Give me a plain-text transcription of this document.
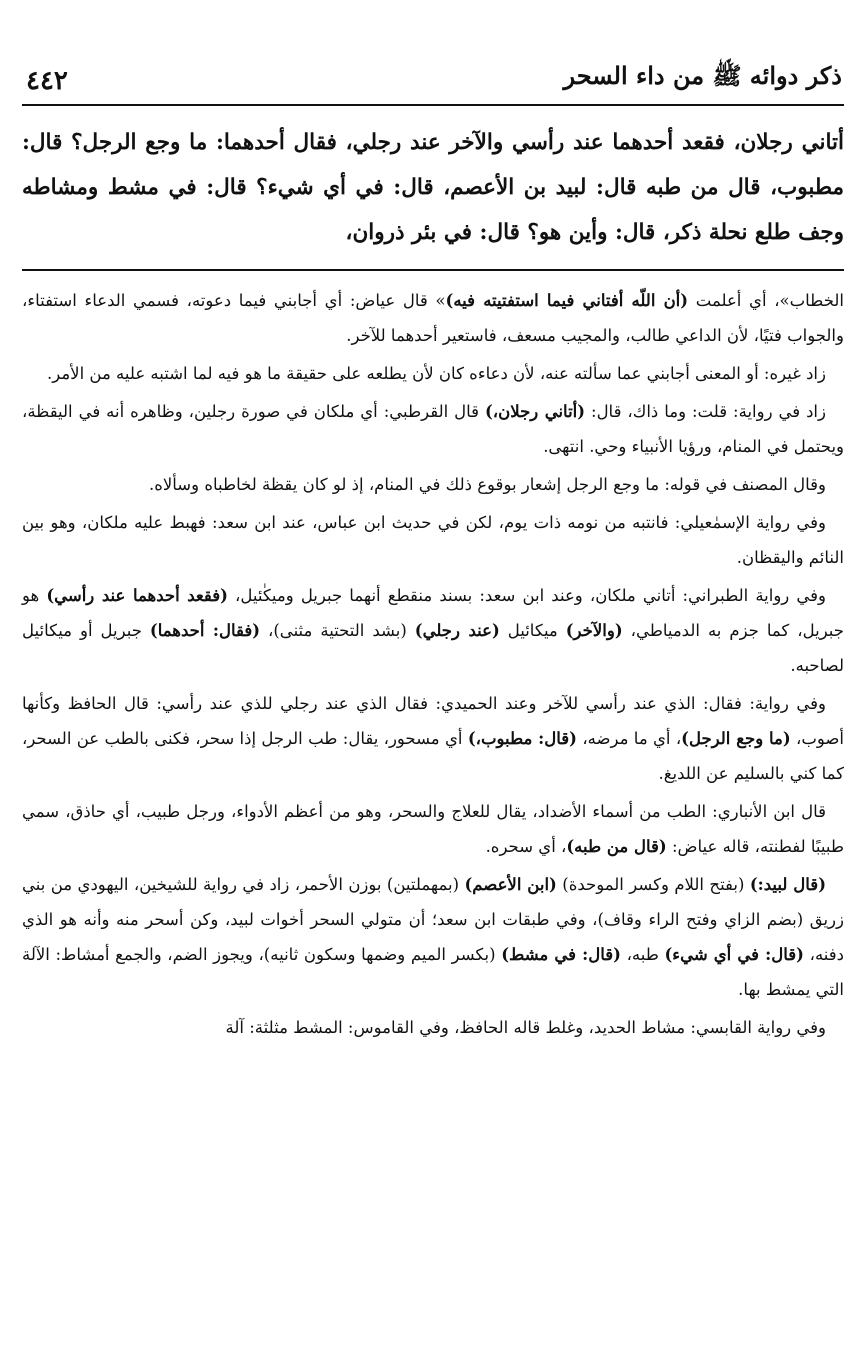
ذكر دوائه ﷺ من داء السحر
٤٤٢

أتاني رجلان، فقعد أحدهما عند رأسي والآخر عند رجلي، فقال أحدهما: ما وجع الرجل؟ قال: مطبوب، قال من طبه قال: لبيد بن الأعصم، قال: في أي شيء؟ قال: في مشط ومشاطه وجف طلع نحلة ذكر، قال: وأين هو؟ قال: في بئر ذروان،

الخطاب»، أي أعلمت (أن اللّه أفتاني فيما استفتيته فيه)» قال عياض: أي أجابني فيما دعوته، فسمي الدعاء استفتاء، والجواب فتيًا، لأن الداعي طالب، والمجيب مسعف، فاستعير أحدهما للآخر.

زاد غيره: أو المعنى أجابني عما سألته عنه، لأن دعاءه كان لأن يطلعه على حقيقة ما هو فيه لما اشتبه عليه من الأمر.

زاد في رواية: قلت: وما ذاك، قال: (أتاني رجلان،) قال القرطبي: أي ملكان في صورة رجلين، وظاهره أنه في اليقظة، ويحتمل في المنام، ورؤيا الأنبياء وحي. انتهى.

وقال المصنف في قوله: ما وجع الرجل إشعار بوقوع ذلك في المنام، إذ لو كان يقظة لخاطباه وسألاه.

وفي رواية الإسمٰعيلي: فانتبه من نومه ذات يوم، لكن في حديث ابن عباس، عند ابن سعد: فهبط عليه ملكان، وهو بين النائم واليقظان.

وفي رواية الطبراني: أتاني ملكان، وعند ابن سعد: بسند منقطع أنهما جبريل وميكٰئيل، (فقعد أحدهما عند رأسي) هو جبريل، كما جزم به الدمياطي، (والآخر) ميكائيل (عند رجلي) (بشد التحتية مثنى)، (فقال: أحدهما) جبريل أو ميكائيل لصاحبه.

وفي رواية: فقال: الذي عند رأسي للآخر وعند الحميدي: فقال الذي عند رجلي للذي عند رأسي: قال الحافظ وكأنها أصوب، (ما وجع الرجل)، أي ما مرضه، (قال: مطبوب،) أي مسحور، يقال: طب الرجل إذا سحر، فكنى بالطب عن السحر، كما كني بالسليم عن اللديغ.

قال ابن الأنباري: الطب من أسماء الأضداد، يقال للعلاج والسحر، وهو من أعظم الأدواء، ورجل طبيب، أي حاذق، سمي طبيبًا لفطنته، قاله عياض: (قال من طبه)، أي سحره.

(قال لبيد:) (بفتح اللام وكسر الموحدة) (ابن الأعصم) (بمهملتين) بوزن الأحمر، زاد في رواية للشيخين، اليهودي من بني زريق (بضم الزاي وفتح الراء وقاف)، وفي طبقات ابن سعد؛ أن متولي السحر أخوات لبيد، وكن أسحر منه وأنه هو الذي دفنه، (قال: في أي شيء) طبه، (قال: في مشط) (بكسر الميم وضمها وسكون ثانيه)، ويجوز الضم، والجمع أمشاط: الآلة التي يمشط بها.

وفي رواية القابسي: مشاط الحديد، وغلط قاله الحافظ، وفي القاموس: المشط مثلثة: آلة
